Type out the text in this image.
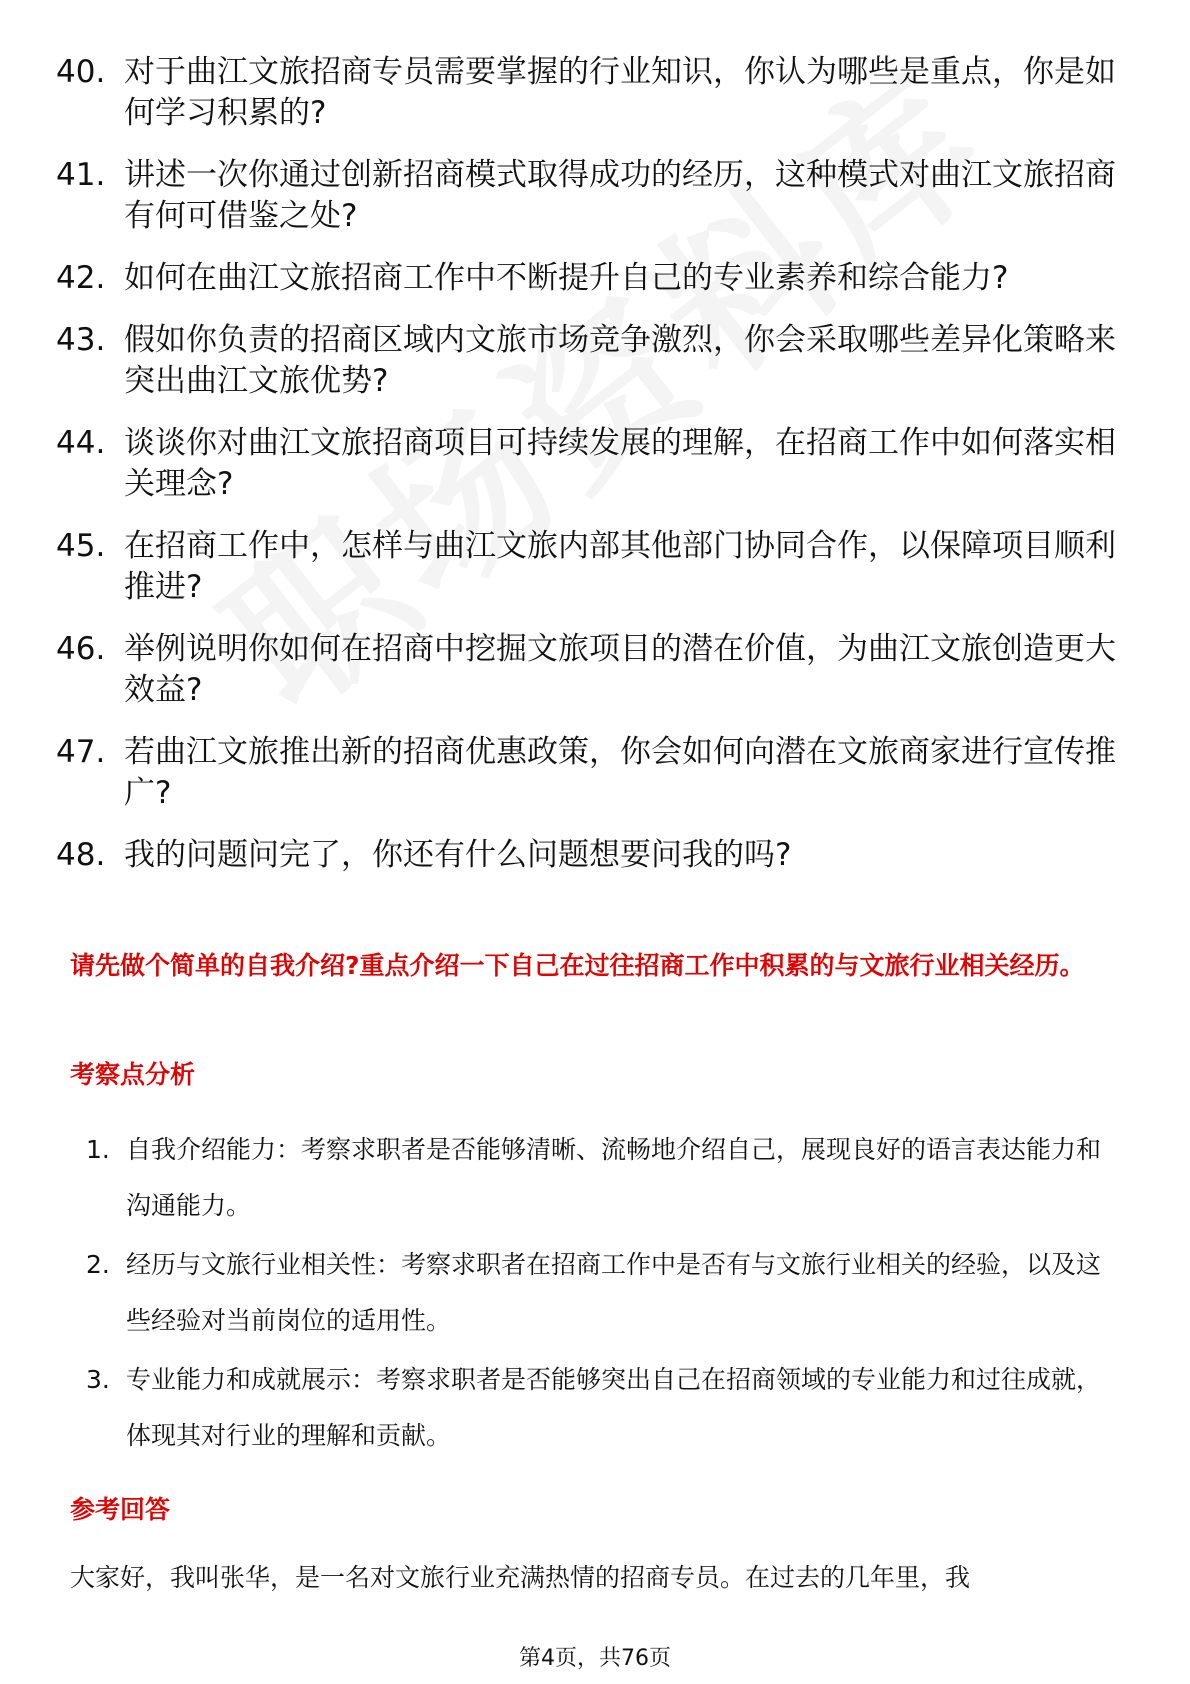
40. 对于曲江文旅招商专员需要掌握的行业知识，你认为哪些是重点，你是如何学习积累的?
41. 讲述一次你通过创新招商模式取得成功的经历，这种模式对曲江文旅招商有何可借鉴之处?
42. 如何在曲江文旅招商工作中不断提升自己的专业素养和综合能力?
43. 假如你负责的招商区域内文旅市场竞争激烈，你会采取哪些差异化策略来突出曲江文旅优势?
44. 谈谈你对曲江文旅招商项目可持续发展的理解，在招商工作中如何落实相关理念?
45. 在招商工作中，怎样与曲江文旅内部其他部门协同合作，以保障项目顺利推进?
46. 举例说明你如何在招商中挖掘文旅项目的潜在价值，为曲江文旅创造更大效益?
47. 若曲江文旅推出新的招商优惠政策，你会如何向潜在文旅商家进行宣传推广?
48. 我的问题问完了，你还有什么问题想要问我的吗?
请先做个简单的自我介绍?重点介绍一下自己在过往招商工作中积累的与文旅行业相关经历。
考察点分析
1. 自我介绍能力：考察求职者是否能够清晰、流畅地介绍自己，展现良好的语言表达能力和沟通能力。
2. 经历与文旅行业相关性：考察求职者在招商工作中是否有与文旅行业相关的经验，以及这些经验对当前岗位的适用性。
3. 专业能力和成就展示：考察求职者是否能够突出自己在招商领域的专业能力和过往成就，体现其对行业的理解和贡献。
参考回答
大家好，我叫张华，是一名对文旅行业充满热情的招商专员。在过去的几年里，我
第4页，共76页
